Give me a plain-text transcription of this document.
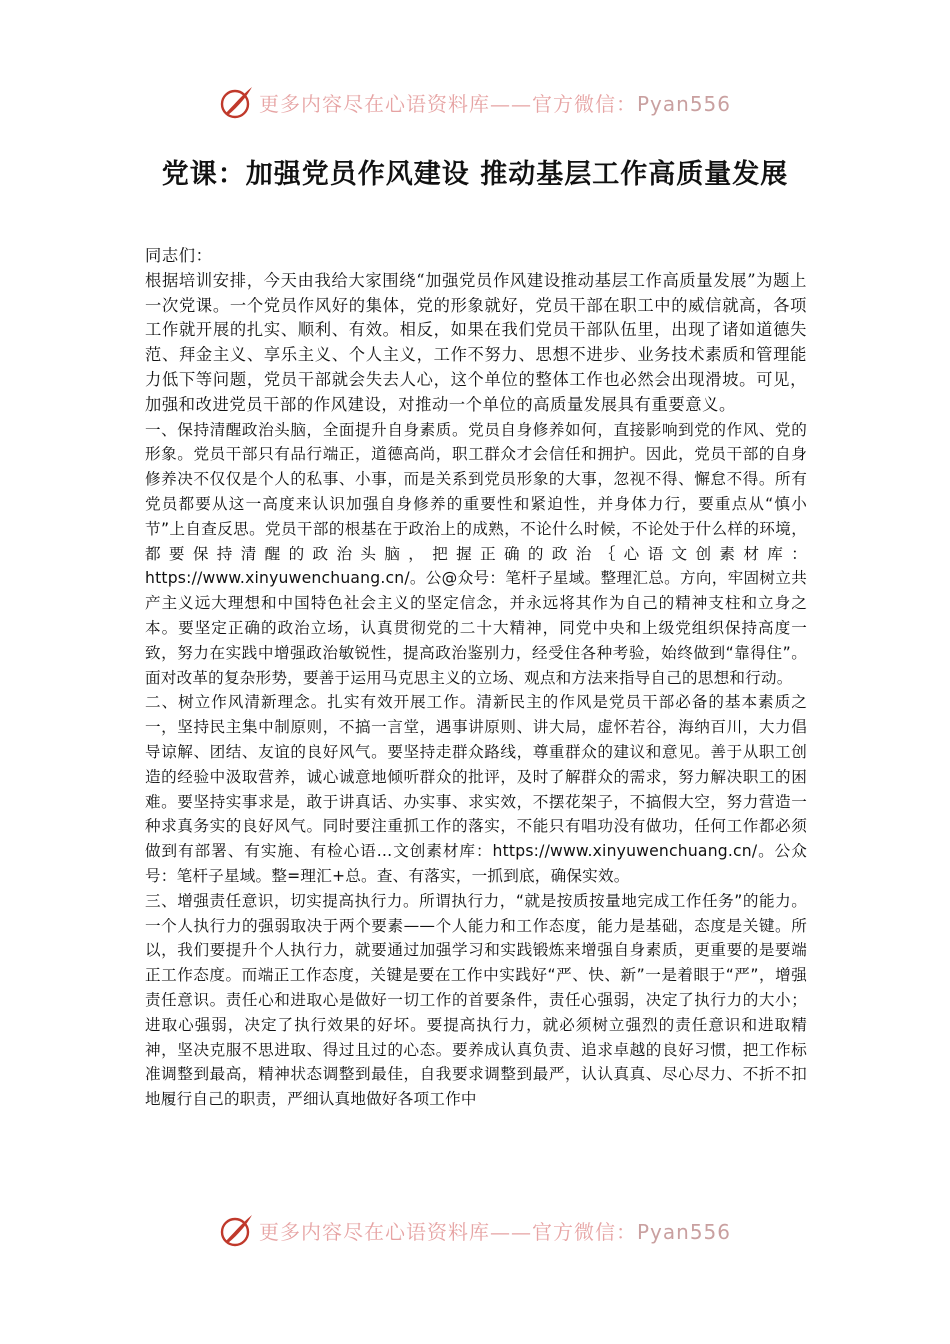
更多内容尽在心语资料库——官方微信：Pyan556
党课：加强党员作风建设 推动基层工作高质量发展

同志们：

根据培训安排，今天由我给大家围绕“加强党员作风建设推动基层工作高质量发展”为题上一次党课。一个党员作风好的集体，党的形象就好，党员干部在职工中的威信就高，各项工作就开展的扎实、顺利、有效。相反，如果在我们党员干部队伍里，出现了诸如道德失范、拜金主义、享乐主义、个人主义，工作不努力、思想不进步、业务技术素质和管理能力低下等问题，党员干部就会失去人心，这个单位的整体工作也必然会出现滑坡。可见，加强和改进党员干部的作风建设，对推动一个单位的高质量发展具有重要意义。

一、保持清醒政治头脑，全面提升自身素质。党员自身修养如何，直接影响到党的作风、党的形象。党员干部只有品行端正，道德高尚，职工群众才会信任和拥护。因此，党员干部的自身修养决不仅仅是个人的私事、小事，而是关系到党员形象的大事，忽视不得、懈怠不得。所有党员都要从这一高度来认识加强自身修养的重要性和紧迫性，并身体力行，要重点从“慎小节”上自查反思。党员干部的根基在于政治上的成熟，不论什么时候，不论处于什么样的环境，都要保持清醒的政治头脑，把握正确的政治｛心语文创素材库：https://www.xinyuwenchuang.cn/。公@众号：笔杆子星域。整理汇总。方向，牢固树立共产主义远大理想和中国特色社会主义的坚定信念，并永远将其作为自己的精神支柱和立身之本。要坚定正确的政治立场，认真贯彻党的二十大精神，同党中央和上级党组织保持高度一致，努力在实践中增强政治敏锐性，提高政治鉴别力，经受住各种考验，始终做到“靠得住”。面对改革的复杂形势，要善于运用马克思主义的立场、观点和方法来指导自己的思想和行动。

二、树立作风清新理念。扎实有效开展工作。清新民主的作风是党员干部必备的基本素质之一，坚持民主集中制原则，不搞一言堂，遇事讲原则、讲大局，虚怀若谷，海纳百川，大力倡导谅解、团结、友谊的良好风气。要坚持走群众路线，尊重群众的建议和意见。善于从职工创造的经验中汲取营养，诚心诚意地倾听群众的批评，及时了解群众的需求，努力解决职工的困难。要坚持实事求是，敢于讲真话、办实事、求实效，不摆花架子，不搞假大空，努力营造一种求真务实的良好风气。同时要注重抓工作的落实，不能只有唱功没有做功，任何工作都必须做到有部署、有实施、有检心语…文创素材库：https://www.xinyuwenchuang.cn/。公众号：笔杆子星域。整=理汇+总。查、有落实，一抓到底，确保实效。

三、增强责任意识，切实提高执行力。所谓执行力，“就是按质按量地完成工作任务”的能力。一个人执行力的强弱取决于两个要素——个人能力和工作态度，能力是基础，态度是关键。所以，我们要提升个人执行力，就要通过加强学习和实践锻炼来增强自身素质，更重要的是要端正工作态度。而端正工作态度，关键是要在工作中实践好“严、快、新”一是着眼于“严”，增强责任意识。责任心和进取心是做好一切工作的首要条件，责任心强弱，决定了执行力的大小；进取心强弱，决定了执行效果的好坏。要提高执行力，就必须树立强烈的责任意识和进取精神，坚决克服不思进取、得过且过的心态。要养成认真负责、追求卓越的良好习惯，把工作标准调整到最高，精神状态调整到最佳，自我要求调整到最严，认认真真、尽心尽力、不折不扣地履行自己的职责，严细认真地做好各项工作中

更多内容尽在心语资料库——官方微信：Pyan556
